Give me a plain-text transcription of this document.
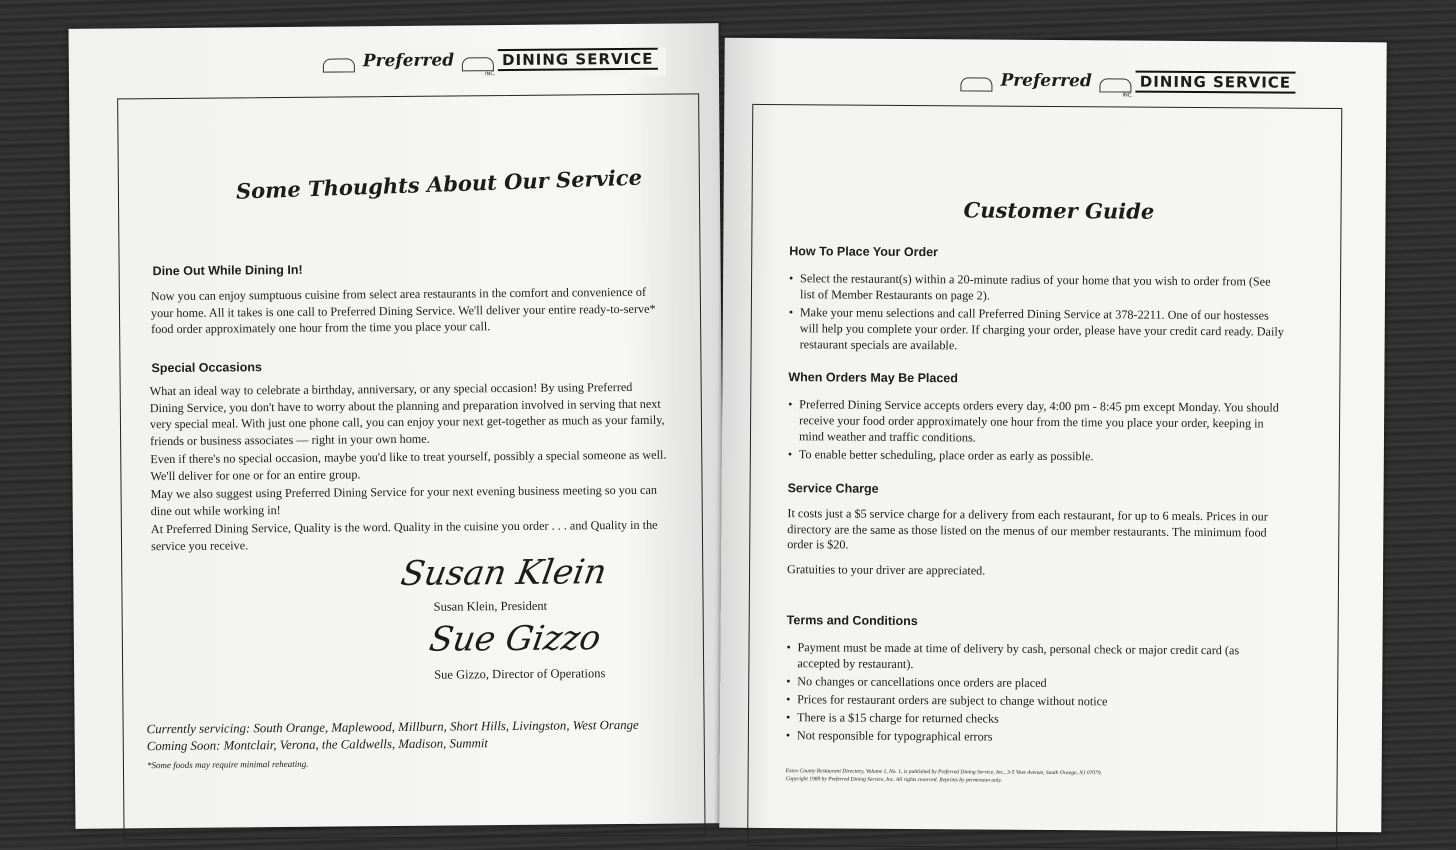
Preferred	DINING SERVICE
INC.
Some Thoughts About Our Service
Dine Out While Dining In!
Now you can enjoy sumptuous cuisine from select area restaurants in the comfort and convenience of your home. All it takes is one call to Preferred Dining Service. We'll deliver your entire ready-to-serve* food order approximately one hour from the time you place your call.
Special Occasions

What an ideal way to celebrate a birthday, anniversary, or any special occasion! By using Preferred Dining Service, you don't have to worry about the planning and preparation involved in serving that next very special meal. With just one phone call, you can enjoy your next get-together as much as your family, friends or business associates — right in your own home.

Even if there's no special occasion, maybe you'd like to treat yourself, possibly a special someone as well. We'll deliver for one or for an entire group.

May we also suggest using Preferred Dining Service for your next evening business meeting so you can dine out while working in!

At Preferred Dining Service, Quality is the word. Quality in the cuisine you order . . . and Quality in the service you receive.

Susan Klein
Susan Klein, President
Sue Gizzo
Sue Gizzo, Director of Operations
Currently servicing: South Orange, Maplewood, Millburn, Short Hills, Livingston, West Orange
Coming Soon: Montclair, Verona, the Caldwells, Madison, Summit
*Some foods may require minimal reheating.
Preferred	DINING SERVICE
INC.
Customer Guide
How To Place Your Order
• Select the restaurant(s) within a 20-minute radius of your home that you wish to order from (See list of Member Restaurants on page 2).
• Make your menu selections and call Preferred Dining Service at 378-2211. One of our hostesses will help you complete your order. If charging your order, please have your credit card ready. Daily restaurant specials are available.
When Orders May Be Placed
• Preferred Dining Service accepts orders every day, 4:00 pm - 8:45 pm except Monday. You should receive your food order approximately one hour from the time you place your order, keeping in mind weather and traffic conditions.
• To enable better scheduling, place order as early as possible.
Service Charge
It costs just a $5 service charge for a delivery from each restaurant, for up to 6 meals. Prices in our directory are the same as those listed on the menus of our member restaurants. The minimum food order is $20.
Gratuities to your driver are appreciated.
Terms and Conditions
• Payment must be made at time of delivery by cash, personal check or major credit card (as accepted by restaurant).
• No changes or cancellations once orders are placed
• Prices for restaurant orders are subject to change without notice
• There is a $15 charge for returned checks
• Not responsible for typographical errors
Essex County Restaurant Directory, Volume 1, No. 1, is published by Preferred Dining Service, Inc., 3-5 Vose Avenue, South Orange, NJ 07079.
Copyright 1989 by Preferred Dining Service, Inc. All rights reserved. Reprints by permission only.
